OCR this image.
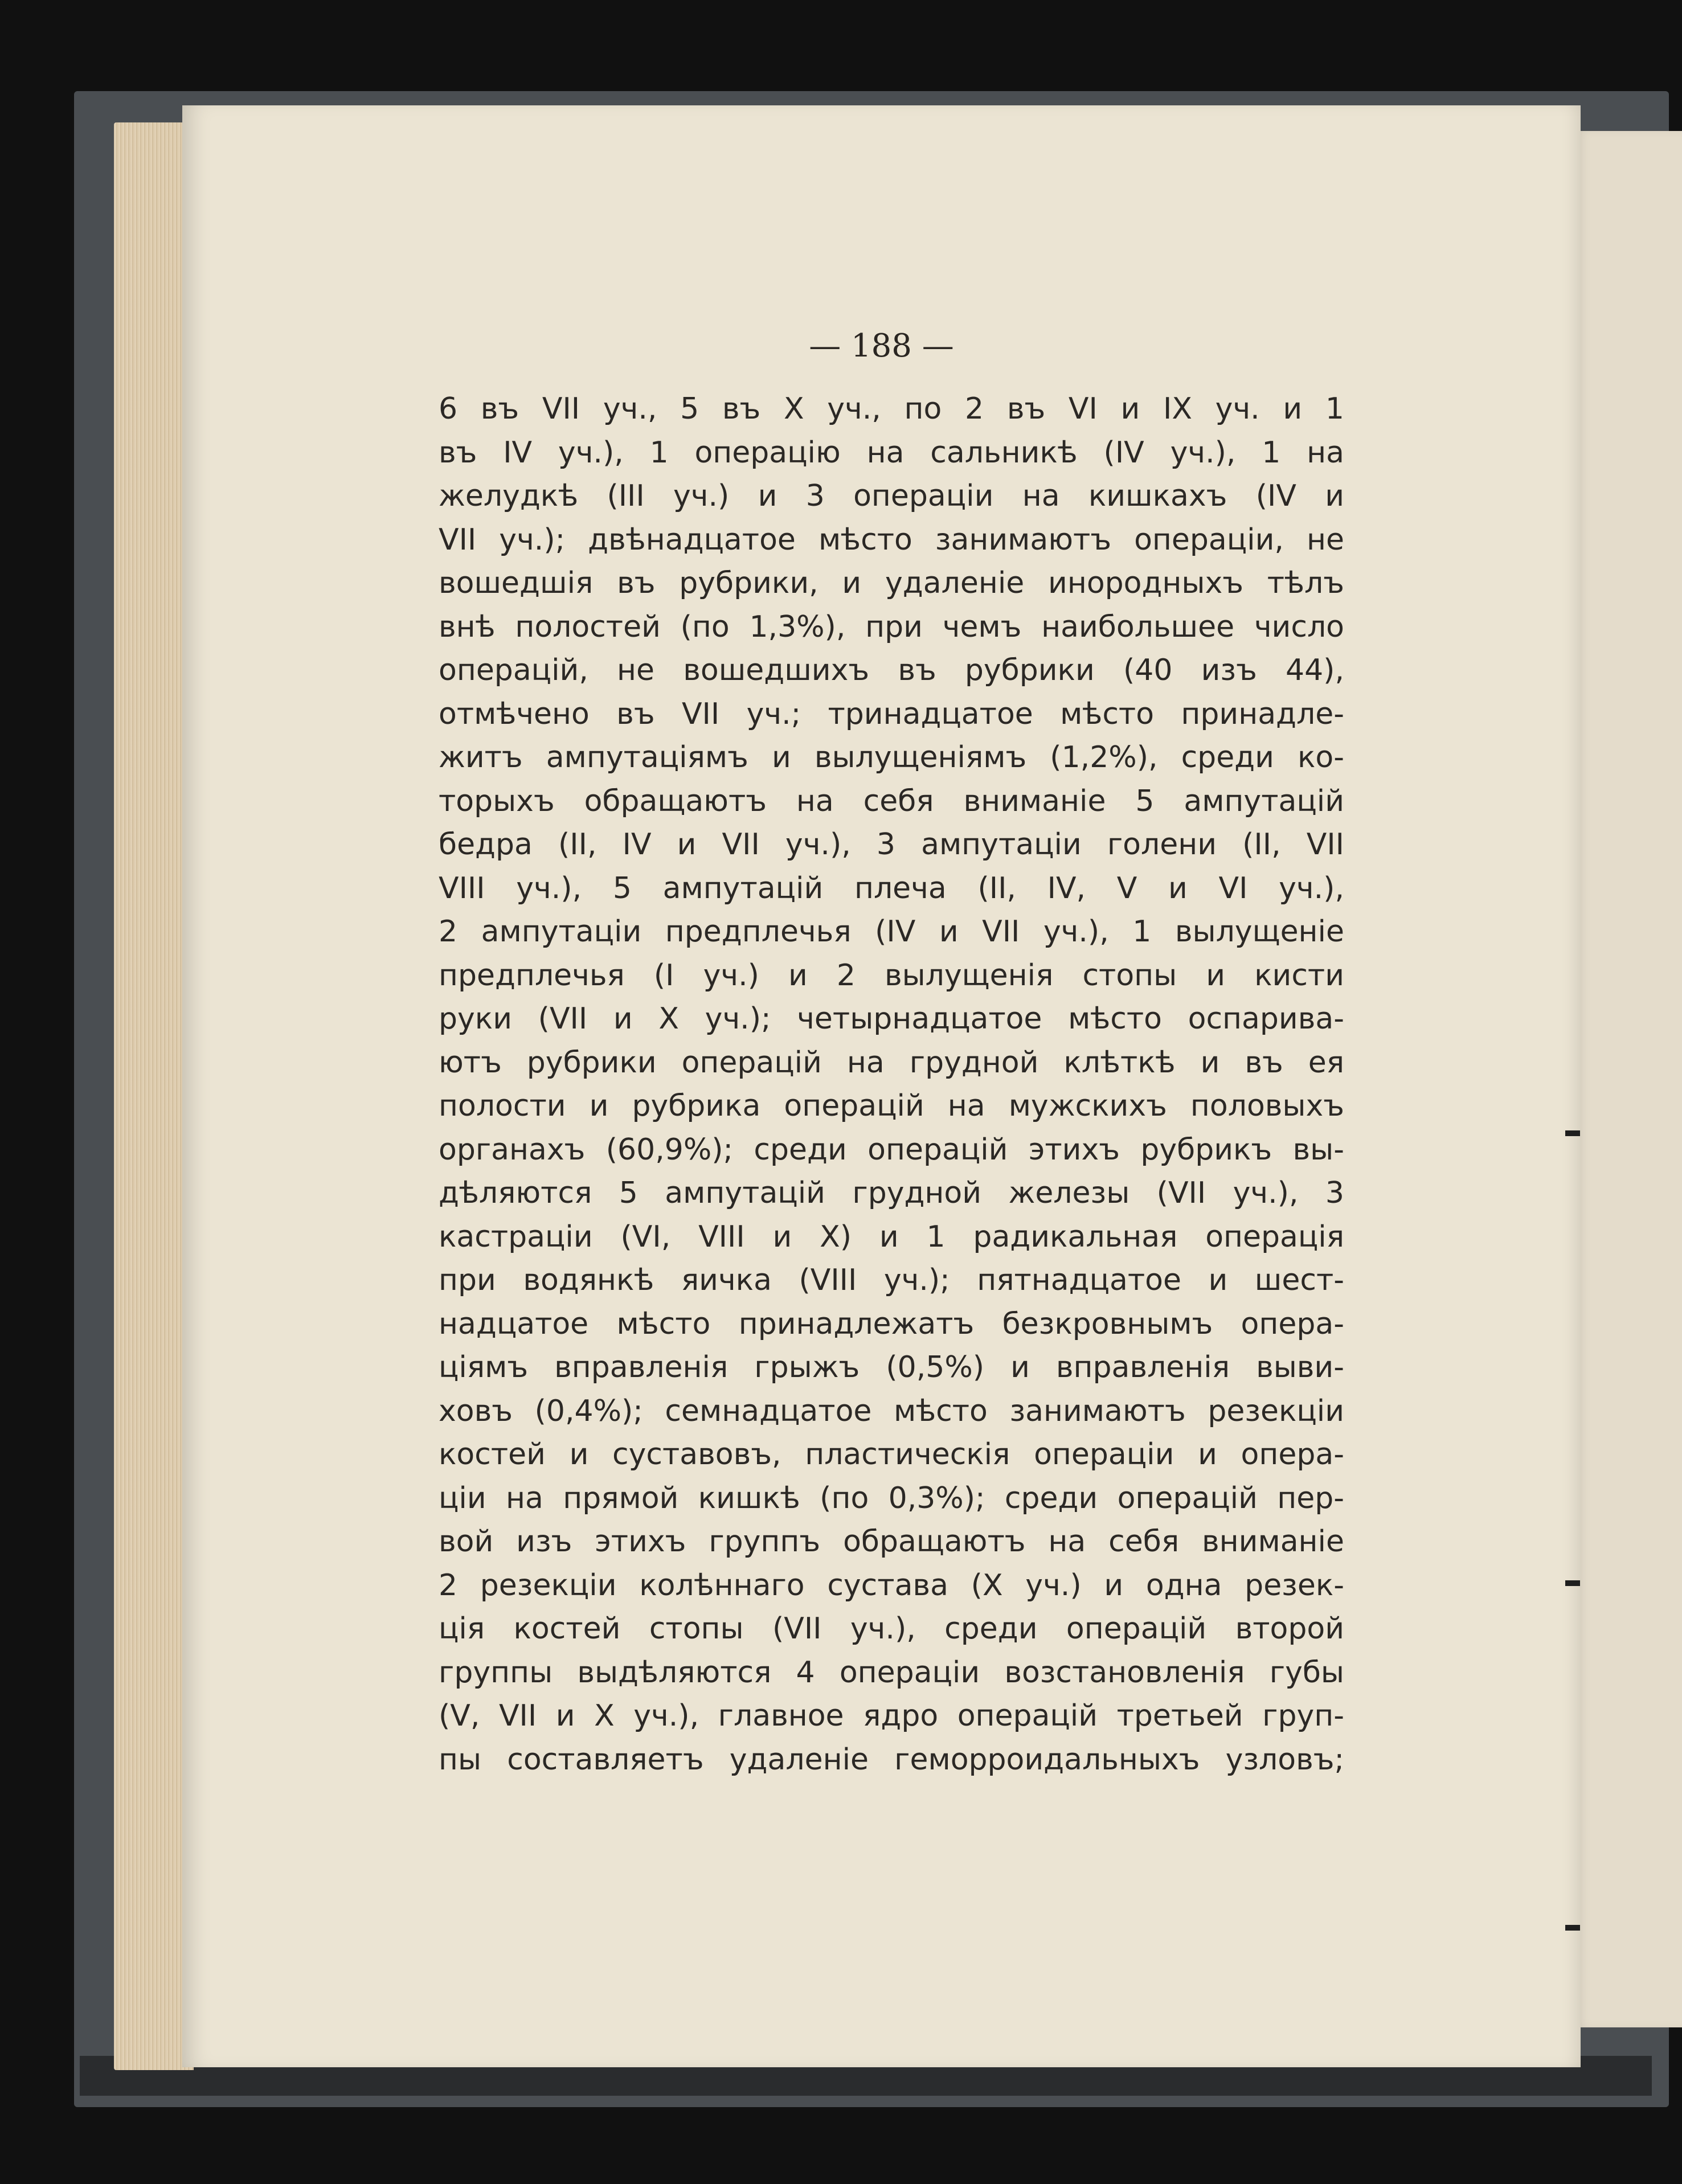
— 188 —

6 въ VII уч., 5 въ X уч., по 2 въ VI и IX уч. и 1
въ IV уч.), 1 операцію на сальникѣ (IV уч.), 1 на
желудкѣ (III уч.) и 3 операціи на кишкахъ (IV и
VII уч.); двѣнадцатое мѣсто занимаютъ операціи, не
вошедшія въ рубрики, и удаленіе инородныхъ тѣлъ
внѣ полостей (по 1,3%), при чемъ наибольшее число
операцій, не вошедшихъ въ рубрики (40 изъ 44),
отмѣчено въ VII уч.; тринадцатое мѣсто принадле-
житъ ампутаціямъ и вылущеніямъ (1,2%), среди ко-
торыхъ обращаютъ на себя вниманіе 5 ампутацій
бедра (II, IV и VII уч.), 3 ампутаціи голени (II, VII
VIII уч.), 5 ампутацій плеча (II, IV, V и VI уч.),
2 ампутаціи предплечья (IV и VII уч.), 1 вылущеніе
предплечья (I уч.) и 2 вылущенія стопы и кисти
руки (VII и X уч.); четырнадцатое мѣсто оспарива-
ютъ рубрики операцій на грудной клѣткѣ и въ ея
полости и рубрика операцій на мужскихъ половыхъ
органахъ (60,9%); среди операцій этихъ рубрикъ вы-
дѣляются 5 ампутацій грудной железы (VII уч.), 3
кастраціи (VI, VIII и X) и 1 радикальная операція
при водянкѣ яичка (VIII уч.); пятнадцатое и шест-
надцатое мѣсто принадлежатъ безкровнымъ опера-
ціямъ вправленія грыжъ (0,5%) и вправленія выви-
ховъ (0,4%); семнадцатое мѣсто занимаютъ резекціи
костей и суставовъ, пластическія операціи и опера-
ціи на прямой кишкѣ (по 0,3%); среди операцій пер-
вой изъ этихъ группъ обращаютъ на себя вниманіе
2 резекціи колѣннаго сустава (X уч.) и одна резек-
ція костей стопы (VII уч.), среди операцій второй
группы выдѣляются 4 операціи возстановленія губы
(V, VII и X уч.), главное ядро операцій третьей груп-
пы составляетъ удаленіе геморроидальныхъ узловъ;
